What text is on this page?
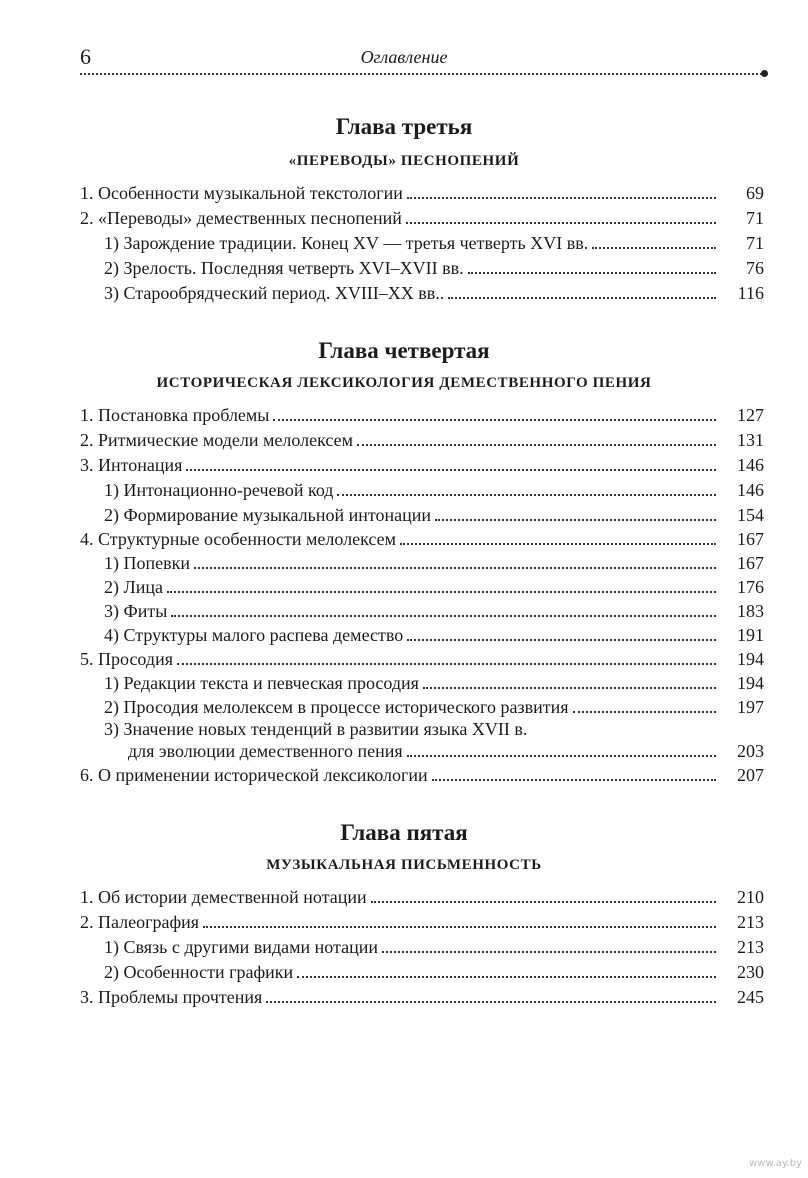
6	Оглавление
Глава третья
«ПЕРЕВОДЫ» ПЕСНОПЕНИЙ
1. Особенности музыкальной текстологии	69
2. «Переводы» демественных песнопений	71
1) Зарождение традиции. Конец XV — третья четверть XVI вв.	71
2) Зрелость. Последняя четверть XVI–XVII вв.	76
3) Старообрядческий период. XVIII–XX вв..	116
Глава четвертая
ИСТОРИЧЕСКАЯ ЛЕКСИКОЛОГИЯ ДЕМЕСТВЕННОГО ПЕНИЯ
1. Постановка проблемы	127
2. Ритмические модели мелолексем	131
3. Интонация	146
1) Интонационно-речевой код	146
2) Формирование музыкальной интонации	154
4. Структурные особенности мелолексем	167
1) Попевки	167
2) Лица	176
3) Фиты	183
4) Структуры малого распева демество	191
5. Просодия	194
1) Редакции текста и певческая просодия	194
2) Просодия мелолексем в процессе исторического развития	197
3) Значение новых тенденций в развитии языка XVII в.
для эволюции демественного пения	203
6. О применении исторической лексикологии	207
Глава пятая
МУЗЫКАЛЬНАЯ ПИСЬМЕННОСТЬ
1. Об истории демественной нотации	210
2. Палеография	213
1) Связь с другими видами нотации	213
2) Особенности графики	230
3. Проблемы прочтения	245
www.ay.by
